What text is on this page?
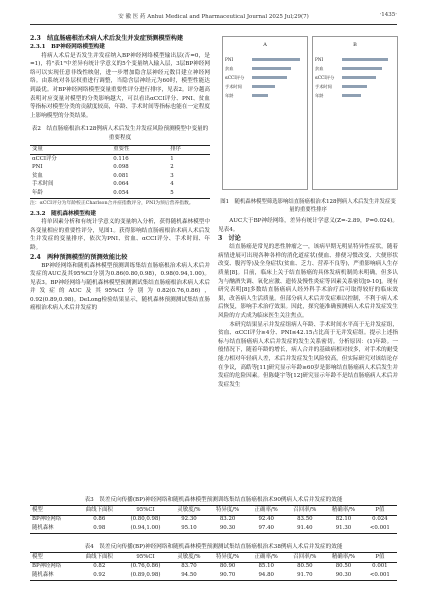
安 徽 医 药 Anhui Medical and Pharmaceutical Journal 2025 Jul;29(7)	·1435·
2.3　结直肠癌根治术病人术后发生并发症预测模型构建
2.3.1　BP神经网络模型构建

将病人术后是否发生并发症纳入BP神经网络模型输出层(否=0，是=1)，将"表1"中差异有统计学意义的5个变量纳入输入层，3层BP神经网络可以实现任意非线性映射，进一步增加隐含层神经元数目建立神经网络。由系统对各层权重进行调整，当隐含层神经元为60时，模型性能达到最优。对BP神经网络模型变量重要性评分进行排序，见表2。评分越高表明对应变量对模型的分类影响越大，可以看出αCCI评分、PNI、贫血等指标对模型分类的贡献度较高，年龄、手术时间等指标也能在一定程度上影响模型的分类结果。

表2　结直肠癌根治术128例病人术后发生并发症风险预测模型中变量的重要程度
变量	重要性	排序
αCCI评分	0.116	1
PNI	0.098	2
贫血	0.081	3
手术时间	0.064	4
年龄	0.054	5
注：αCCI评分为年龄校正Charlson合并症指数评分，PNI为预后营养指数。
2.3.2　随机森林模型构建

将单因素分析和有统计学意义的变量纳入分析，获得随机森林模型中各变量相应的重要性评分，见图1。获得影响结直肠癌根治术病人术后发生并发症的变量排序，依次为PNI、贫血、αCCI评分、手术时间、年龄。

2.4　两种预测模型的预测效能比较

BP神经网络和随机森林模型预测训练集结直肠癌根治术病人术后并发症的AUC及其95%CI分别为0.86(0.80,0.98)，0.98(0.94,1.00)。见表3。BP神经网络与随机森林模型预测测试集结直肠癌根治术病人术后并发症的AUC及其95%CI分别为0.82(0.76,0.86)，0.92(0.89,0.98)。DeLong检验结果显示，随机森林预测测试集结直肠癌根治术病人术后并发症的

A
PNI
贫血
αCCI评分
手术时间
年龄
B
PNI
贫血
αCCI评分
手术时间
年龄
图1　随机森林模型筛选影响结直肠癌根治术128例病人术后发生并发症变量的重要性排序

AUC大于BP神经网络，差异有统计学意义(Z=-2.89，P=0.024)。见表4。

3　讨论

结直肠癌是常见的恶性肿瘤之一，该病早期无明显特异性症状，随着病情进展可出现各种各样的消化道症状(便血、排便习惯改变、大便形状改变、腹泻等)及全身症状(贫血、乏力、营养不良等)，严重影响病人生存质量[8]。目前，临床上关于结直肠癌的具体发病机制尚未明确，但多认为与酗酒失调、氧化应激、遗传及慢性炎症等因素关系密切[9-10]。现有研究表明[8]多数结直肠癌病人经外科手术治疗后可取得较好的临床效果，改善病人生活质量。但部分病人术后并发症难以控制，不利于病人术后恢复，影响手术治疗效果。因此，探究能准确预测病人术后并发症发生风险的方式成为临床医生关注焦点。

本研究结果显示并发症组病人年龄、手术时间水平高于无并发症组，贫血、αCCI评分≥4分、PNI≤42.15占比高于无并发症组。提示上述指标与结直肠癌病人术后并发症的发生关系密切。分析原因：(1)年龄。一般情况下，随着年龄的增长，病人合并的基础病相对较多，对手术的耐受能力相对年轻病人差，术后并发症发生风险较高，但实际研究对该结论存在争议，高皓等[11]研究显示年龄≥60岁是影响结直肠癌病人术后发生并发症的危险因素。但陈婕宇等[12]研究显示年龄不是结直肠癌病人术后并发症发生

表3　误差反向传播(BP)神经网络和随机森林模型预测训练集结直肠癌根治术90例病人术后并发症的效能
模型	曲线下面积	95%CI	灵敏度/%	特异度/%	正确率/%	召回率/%	精确率/%	P值
BP神经网络	0.86	(0.80,0.98)	92.30	83.20	92.40	83.50	82.10	0.024
随机森林	0.98	(0.94,1.00)	95.10	90.30	97.40	91.40	91.30	<0.001
表4　误差反向传播(BP)神经网络和随机森林模型预测测试集结直肠癌根治术38例病人术后并发症的效能
模型	曲线下面积	95%CI	灵敏度/%	特异度/%	正确率/%	召回率/%	精确率/%	P值
BP神经网络	0.82	(0.76,0.86)	83.70	80.90	85.10	80.50	80.50	0.001
随机森林	0.92	(0.89,0.98)	94.50	90.70	94.80	91.70	90.30	<0.001
